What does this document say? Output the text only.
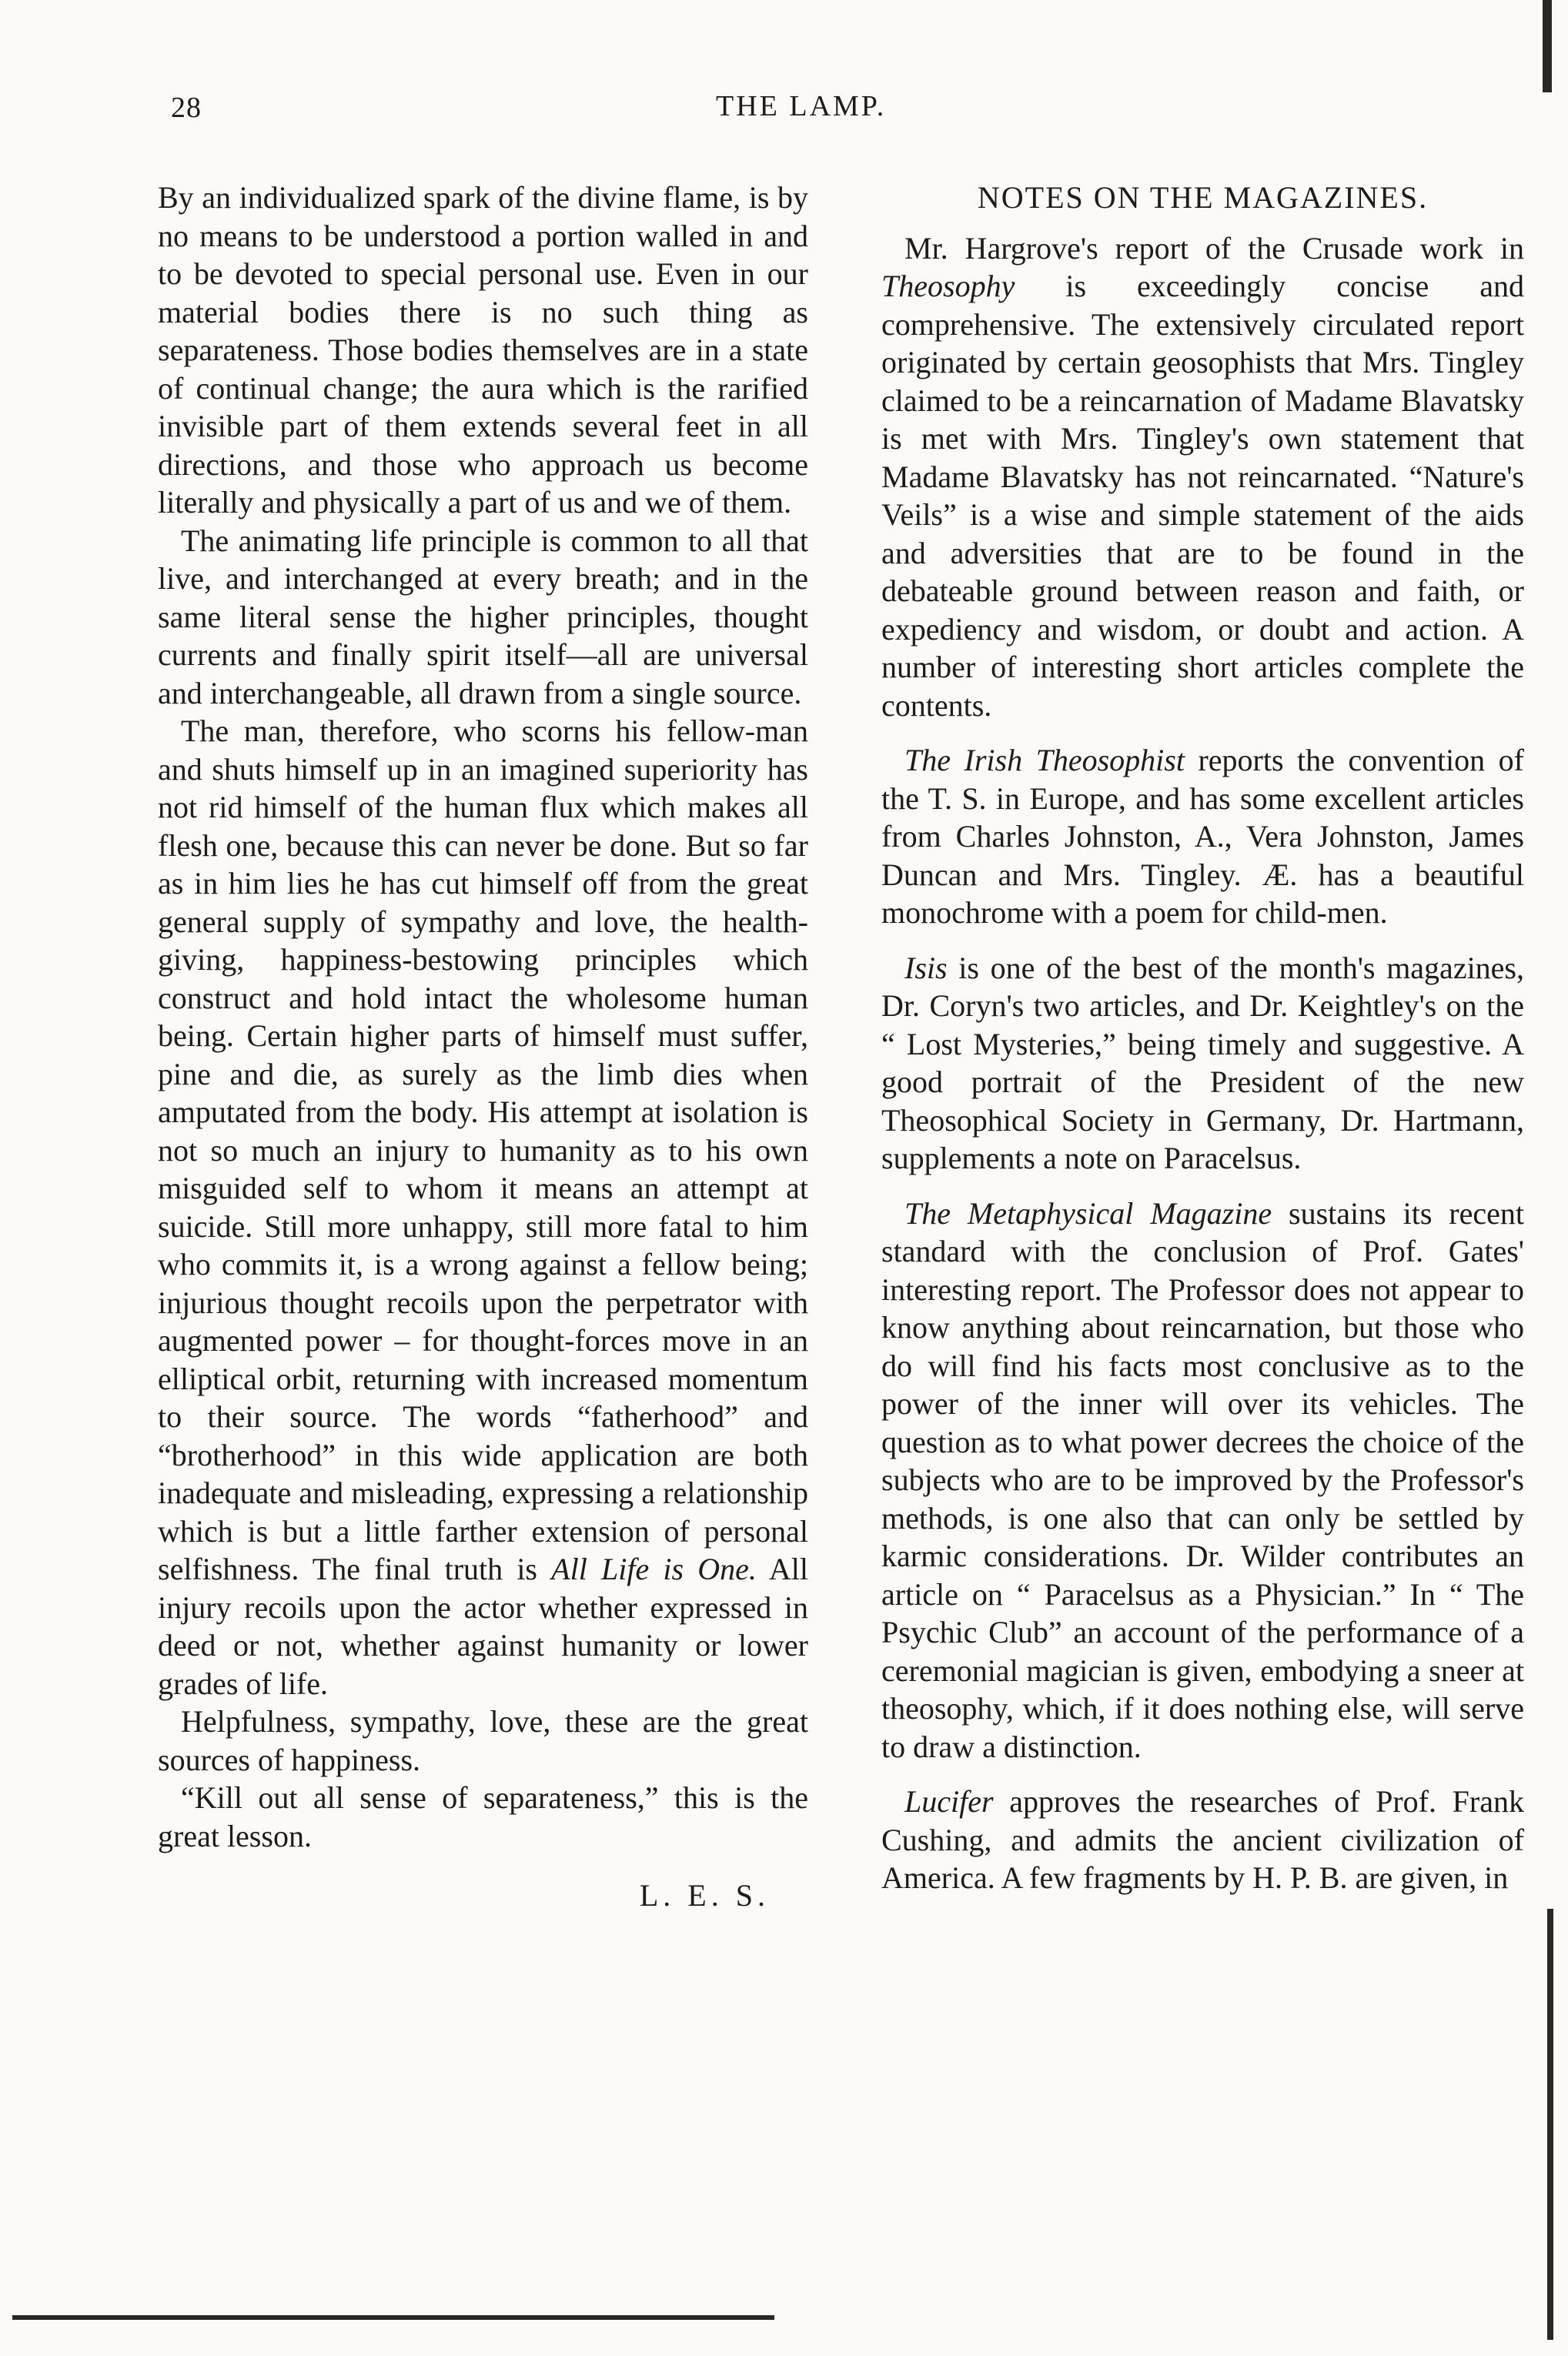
28	THE LAMP.

By an individualized spark of the divine flame, is by no means to be understood a portion walled in and to be devoted to special personal use. Even in our material bodies there is no such thing as separateness. Those bodies themselves are in a state of continual change; the aura which is the rarified invisible part of them extends several feet in all directions, and those who approach us become literally and physically a part of us and we of them.

The animating life principle is common to all that live, and interchanged at every breath; and in the same literal sense the higher principles, thought currents and finally spirit itself—all are universal and interchangeable, all drawn from a single source.

The man, therefore, who scorns his fellow-man and shuts himself up in an imagined superiority has not rid himself of the human flux which makes all flesh one, because this can never be done. But so far as in him lies he has cut himself off from the great general supply of sympathy and love, the health-giving, happiness-bestowing principles which construct and hold intact the wholesome human being. Certain higher parts of himself must suffer, pine and die, as surely as the limb dies when amputated from the body. His attempt at isolation is not so much an injury to humanity as to his own misguided self to whom it means an attempt at suicide. Still more unhappy, still more fatal to him who commits it, is a wrong against a fellow being; injurious thought recoils upon the perpetrator with augmented power – for thought-forces move in an elliptical orbit, returning with increased momentum to their source. The words “fatherhood” and “brotherhood” in this wide application are both inadequate and misleading, expressing a relationship which is but a little farther extension of personal selfishness. The final truth is All Life is One. All injury recoils upon the actor whether expressed in deed or not, whether against humanity or lower grades of life.

Helpfulness, sympathy, love, these are the great sources of happiness.

“Kill out all sense of separateness,” this is the great lesson.

L. E. S.
NOTES ON THE MAGAZINES.

Mr. Hargrove's report of the Crusade work in Theosophy is exceedingly concise and comprehensive. The extensively circulated report originated by certain geosophists that Mrs. Tingley claimed to be a reincarnation of Madame Blavatsky is met with Mrs. Tingley's own statement that Madame Blavatsky has not reincarnated. “Nature's Veils” is a wise and simple statement of the aids and adversities that are to be found in the debateable ground between reason and faith, or expediency and wisdom, or doubt and action. A number of interesting short articles complete the contents.

The Irish Theosophist reports the convention of the T. S. in Europe, and has some excellent articles from Charles Johnston, A., Vera Johnston, James Duncan and Mrs. Tingley. Æ. has a beautiful monochrome with a poem for child-men.

Isis is one of the best of the month's magazines, Dr. Coryn's two articles, and Dr. Keightley's on the “ Lost Mysteries,” being timely and suggestive. A good portrait of the President of the new Theosophical Society in Germany, Dr. Hartmann, supplements a note on Paracelsus.

The Metaphysical Magazine sustains its recent standard with the conclusion of Prof. Gates' interesting report. The Professor does not appear to know anything about reincarnation, but those who do will find his facts most conclusive as to the power of the inner will over its vehicles. The question as to what power decrees the choice of the subjects who are to be improved by the Professor's methods, is one also that can only be settled by karmic considerations. Dr. Wilder contributes an article on “ Paracelsus as a Physician.” In “ The Psychic Club” an account of the performance of a ceremonial magician is given, embodying a sneer at theosophy, which, if it does nothing else, will serve to draw a distinction.

Lucifer approves the researches of Prof. Frank Cushing, and admits the ancient civilization of America. A few fragments by H. P. B. are given, in
